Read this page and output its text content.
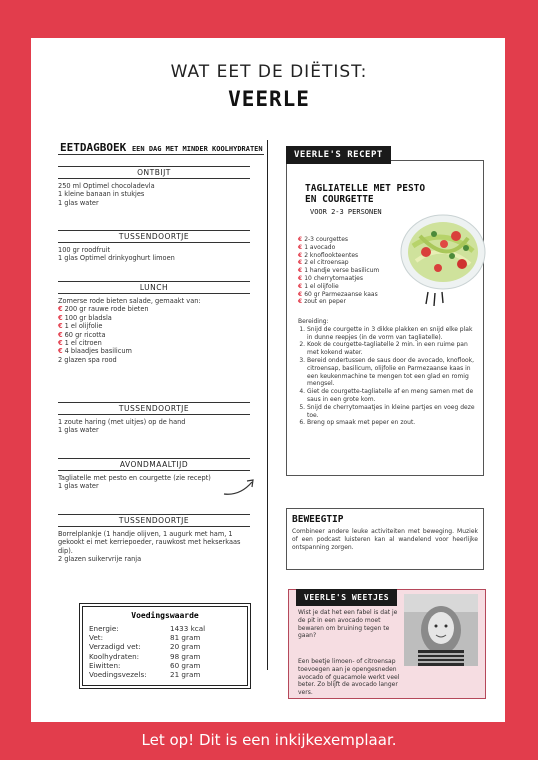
WAT EET DE DIËTIST:
VEERLE
EETDAGBOEK EEN DAG MET MINDER KOOLHYDRATEN
ONTBIJT
250 ml Optimel chocoladevla
1 kleine banaan in stukjes
1 glas water
TUSSENDOORTJE
100 gr roodfruit
1 glas Optimel drinkyoghurt limoen
LUNCH
Zomerse rode bieten salade, gemaakt van:
€ 200 gr rauwe rode bieten
€ 100 gr bladsla
€ 1 el olijfolie
€ 60 gr ricotta
€ 1 el citroen
€ 4 blaadjes basilicum
2 glazen spa rood
TUSSENDOORTJE
1 zoute haring (met uitjes) op de hand
1 glas water
AVONDMAALTIJD
Tagliatelle met pesto en courgette (zie recept)
1 glas water
TUSSENDOORTJE
Borrelplankje (1 handje olijven, 1 augurk met ham, 1 gekookt ei met kerriepoeder, rauwkost met hekserkaas dip).
2 glazen suikervrije ranja
Voedingswaarde
Energie:	1433 kcal
Vet:	81 gram
Verzadigd vet:	20 gram
Koolhydraten:	98 gram
Eiwitten:	60 gram
Voedingsvezels:	21 gram
VEERLE'S RECEPT
TAGLIATELLE MET PESTO
EN COURGETTE
VOOR 2-3 PERSONEN
€ 2-3 courgettes
€ 1 avocado
€ 2 knoflookteentes
€ 2 el citroensap
€ 1 handje verse basilicum
€ 10 cherrytomaatjes
€ 1 el olijfolie
€ 60 gr Parmezaanse kaas
€ zout en peper
Bereiding:
1. Snijd de courgette in 3 dikke plakken en snijd elke plak in dunne reepjes (in de vorm van tagliatelle).
2. Kook de courgette-tagliatelle 2 min. in een ruime pan met kokend water.
3. Bereid ondertussen de saus door de avocado, knoflook, citroensap, basilicum, olijfolie en Parmezaanse kaas in een keukenmachine te mengen tot een glad en romig mengsel.
4. Giet de courgette-tagliatelle af en meng samen met de saus in een grote kom.
5. Snijd de cherrytomaatjes in kleine partjes en voeg deze toe.
6. Breng op smaak met peper en zout.
BEWEEGTIP
Combineer andere leuke activiteiten met beweging. Muziek of een podcast luisteren kan al wandelend voor heerlijke ontspanning zorgen.
VEERLE'S WEETJES
Wist je dat het een fabel is dat je de pit in een avocado moet bewaren om bruining tegen te gaan?
Een beetje limoen- of citroensap toevoegen aan je opengesneden avocado of guacamole werkt veel beter. Zo blijft de avocado langer vers.
Let op! Dit is een inkijkexemplaar.
